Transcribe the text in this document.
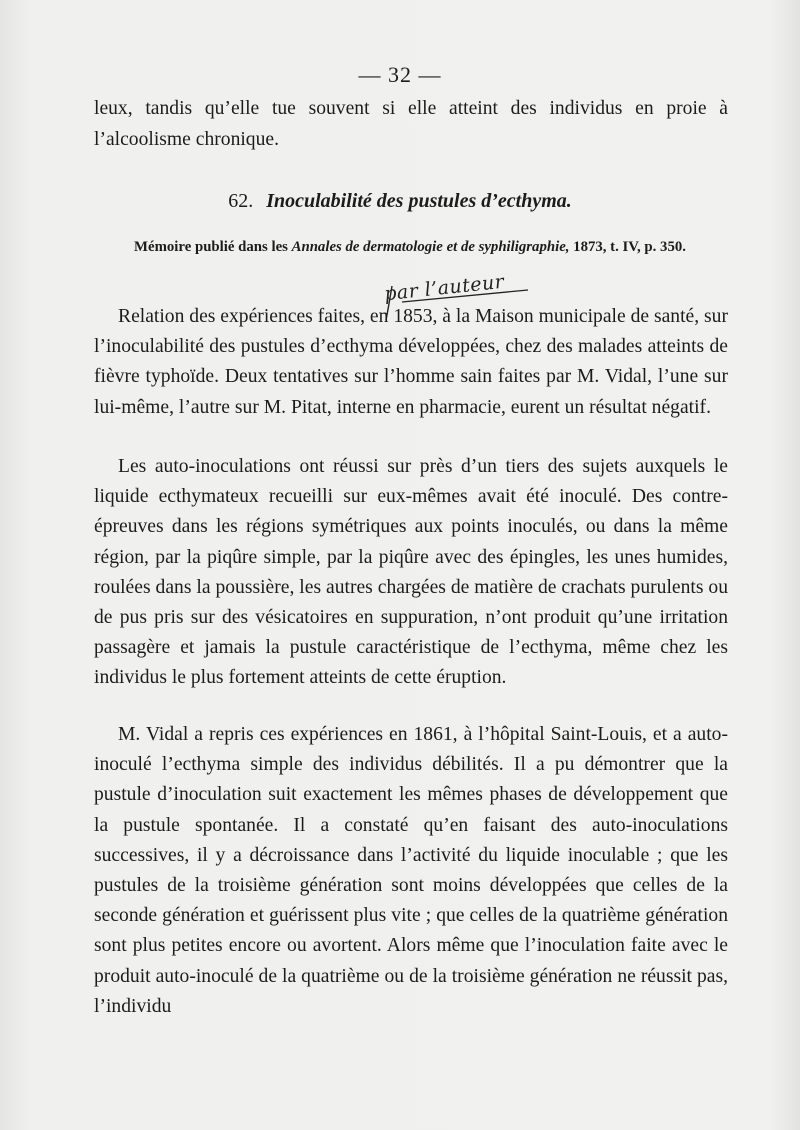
— 32 —
leux, tandis qu’elle tue souvent si elle atteint des individus en proie à l’alcoolisme chronique.
62. Inoculabilité des pustules d’ecthyma.
Mémoire publié dans les Annales de dermatologie et de syphiligraphie, 1873, t. IV, p. 350.
par l’auteur

Relation des expériences faites, en 1853, à la Maison municipale de santé, sur l’inoculabilité des pustules d’ecthyma développées, chez des malades atteints de fièvre typhoïde. Deux tentatives sur l’homme sain faites par M. Vidal, l’une sur lui-même, l’autre sur M. Pitat, interne en pharmacie, eurent un résultat négatif.

Les auto-inoculations ont réussi sur près d’un tiers des sujets auxquels le liquide ecthymateux recueilli sur eux-mêmes avait été inoculé. Des contre-épreuves dans les régions symétriques aux points inoculés, ou dans la même région, par la piqûre simple, par la piqûre avec des épingles, les unes humides, roulées dans la poussière, les autres chargées de matière de crachats purulents ou de pus pris sur des vésicatoires en suppuration, n’ont produit qu’une irritation passagère et jamais la pustule caractéristique de l’ecthyma, même chez les individus le plus fortement atteints de cette éruption.

M. Vidal a repris ces expériences en 1861, à l’hôpital Saint-Louis, et a auto-inoculé l’ecthyma simple des individus débilités. Il a pu démontrer que la pustule d’inoculation suit exactement les mêmes phases de développement que la pustule spontanée. Il a constaté qu’en faisant des auto-inoculations successives, il y a décroissance dans l’activité du liquide inoculable ; que les pustules de la troisième génération sont moins développées que celles de la seconde génération et guérissent plus vite ; que celles de la quatrième génération sont plus petites encore ou avortent. Alors même que l’inoculation faite avec le produit auto-inoculé de la quatrième ou de la troisième génération ne réussit pas, l’individu
